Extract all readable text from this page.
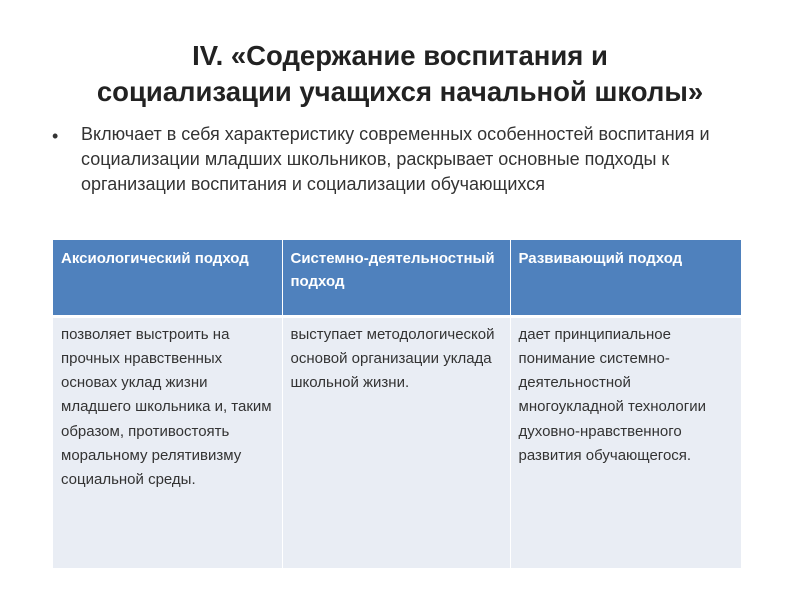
IV. «Содержание воспитания и
социализации учащихся начальной школы»
• Включает в себя характеристику современных особенностей воспитания и социализации младших школьников, раскрывает основные подходы к организации воспитания и социализации обучающихся
Аксиологический подход	Системно-деятельностный подход	Развивающий подход
позволяет выстроить на прочных нравственных основах уклад жизни младшего школьника и, таким образом, противостоять моральному релятивизму социальной среды.	выступает методологической основой организации уклада школьной жизни.	дает принципиальное понимание системно-деятельностной многоукладной технологии духовно-нравственного развития обучающегося.
